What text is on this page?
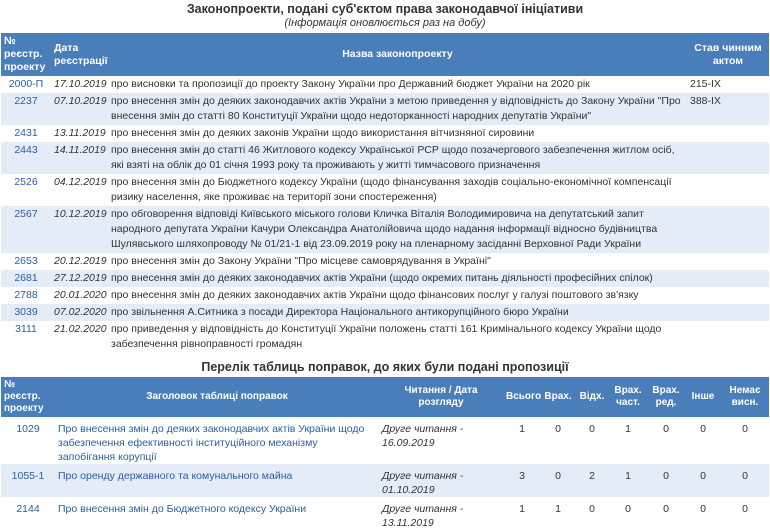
Законопроекти, подані суб'єктом права законодавчої ініціативи
(Інформація оновлюється раз на добу)
№ реєстр. проекту	Дата реєстрації	Назва законопроекту	Став чинним актом
2000-П	17.10.2019	про висновки та пропозиції до проекту Закону України про Державний бюджет України на 2020 рік	215-IX
2237	07.10.2019	про внесення змін до деяких законодавчих актів України з метою приведення у відповідність до Закону України "Про внесення змін до статті 80 Конституції України щодо недоторканності народних депутатів України"	388-IX
2431	13.11.2019	про внесення змін до деяких законів України щодо використання вітчизняної сировини	
2443	14.11.2019	про внесення змін до статті 46 Житлового кодексу Української РСР щодо позачергового забезпечення житлом осіб, які взяті на облік до 01 січня 1993 року та проживають у житті тимчасового призначення	
2526	04.12.2019	про внесення змін до Бюджетного кодексу України (щодо фінансування заходів соціально-економічної компенсації ризику населення, яке проживає на території зони спостереження)	
2567	10.12.2019	про обговорення відповіді Київського міського голови Кличка Віталія Володимировича на депутатський запит народного депутата України Качури Олександра Анатолійовича щодо надання інформації відносно будівництва Шулявського шляхопроводу № 01/21-1 від 23.09.2019 року на пленарному засіданні Верховної Ради України	
2653	20.12.2019	про внесення змін до Закону України "Про місцеве самоврядування в Україні"	
2681	27.12.2019	про внесення змін до деяких законодавчих актів України (щодо окремих питань діяльності професійних спілок)	
2788	20.01.2020	про внесення змін до деяких законодавчих актів України щодо фінансових послуг у галузі поштового зв'язку	
3039	07.02.2020	про звільнення А.Ситника з посади Директора Національного антикорупційного бюро України	
3111	21.02.2020	про приведення у відповідність до Конституції України положень статті 161 Кримінального кодексу України щодо забезпечення рівноправності громадян	
Перелік таблиць поправок, до яких були подані пропозиції
№ реєстр. проекту	Заголовок таблиці поправок	Читання / Дата розгляду	Всього	Врах.	Відх.	Врах. част.	Врах. ред.	Інше	Немає висн.
1029	Про внесення змін до деяких законодавчих актів України щодо забезпечення ефективності інституційного механізму запобігання корупції	Друге читання - 16.09.2019	1	0	0	1	0	0	0
1055-1	Про оренду державного та комунального майна	Друге читання - 01.10.2019	3	0	2	1	0	0	0
2144	Про внесення змін до Бюджетного кодексу України	Друге читання - 13.11.2019	1	1	0	0	0	0	0
